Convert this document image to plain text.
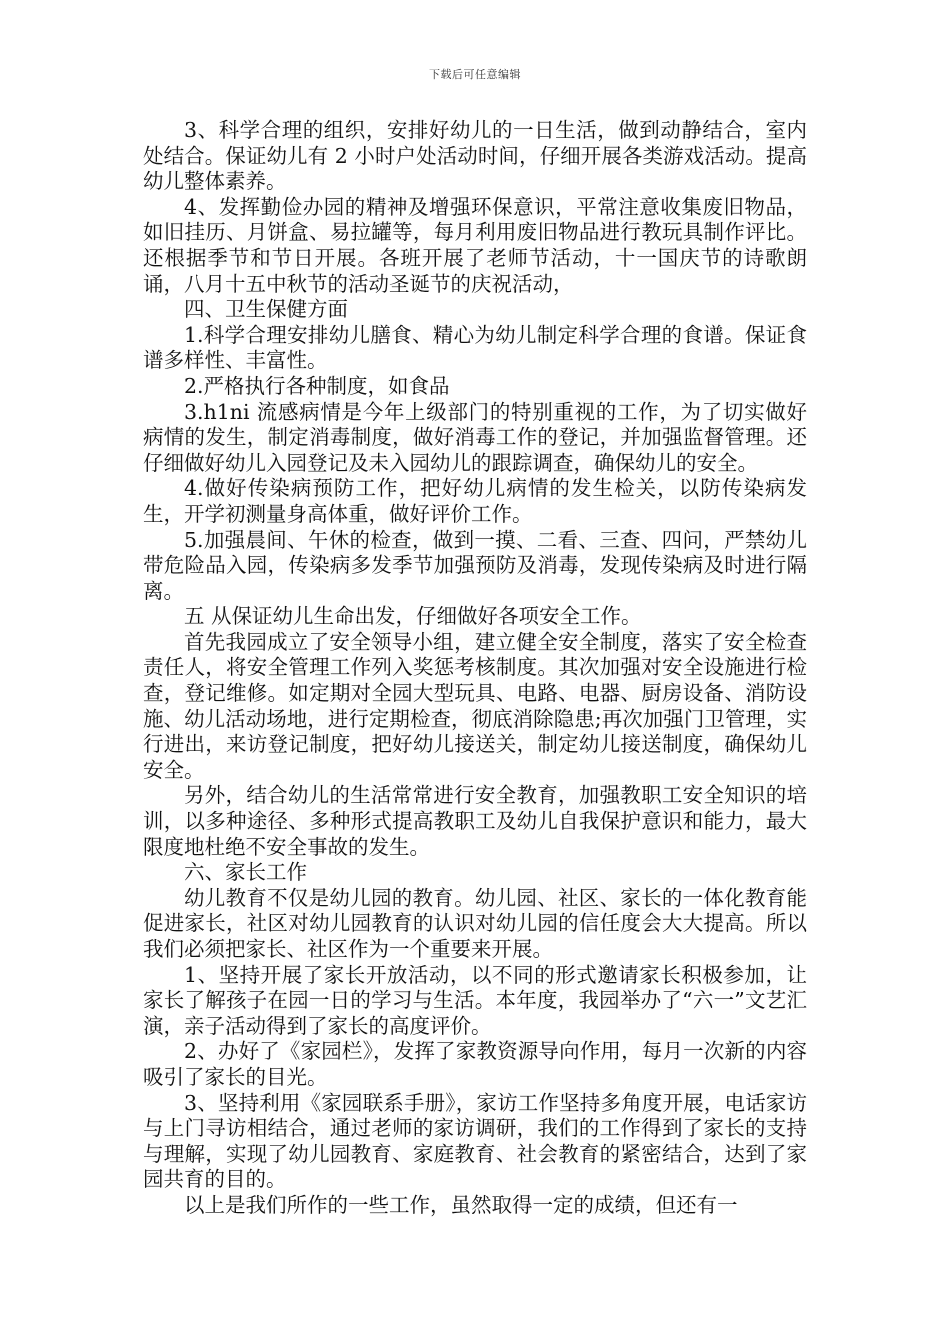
下载后可任意编辑

3、科学合理的组织，安排好幼儿的一日生活，做到动静结合，室内处结合。保证幼儿有 2 小时户处活动时间，仔细开展各类游戏活动。提高幼儿整体素养。

4、发挥勤俭办园的精神及增强环保意识，平常注意收集废旧物品，如旧挂历、月饼盒、易拉罐等，每月利用废旧物品进行教玩具制作评比。还根据季节和节日开展。各班开展了老师节活动，十一国庆节的诗歌朗诵，八月十五中秋节的活动圣诞节的庆祝活动，

四、卫生保健方面

1.科学合理安排幼儿膳食、精心为幼儿制定科学合理的食谱。保证食谱多样性、丰富性。

2.严格执行各种制度，如食品

3.h1ni 流感病情是今年上级部门的特别重视的工作，为了切实做好病情的发生，制定消毒制度，做好消毒工作的登记，并加强监督管理。还仔细做好幼儿入园登记及未入园幼儿的跟踪调查，确保幼儿的安全。

4.做好传染病预防工作，把好幼儿病情的发生检关，以防传染病发生，开学初测量身高体重，做好评价工作。

5.加强晨间、午休的检查，做到一摸、二看、三查、四问，严禁幼儿带危险品入园，传染病多发季节加强预防及消毒，发现传染病及时进行隔离。

五 从保证幼儿生命出发，仔细做好各项安全工作。

首先我园成立了安全领导小组，建立健全安全制度，落实了安全检查责任人，将安全管理工作列入奖惩考核制度。其次加强对安全设施进行检查，登记维修。如定期对全园大型玩具、电路、电器、厨房设备、消防设施、幼儿活动场地，进行定期检查，彻底消除隐患;再次加强门卫管理，实行进出，来访登记制度，把好幼儿接送关，制定幼儿接送制度，确保幼儿安全。

另外，结合幼儿的生活常常进行安全教育，加强教职工安全知识的培训，以多种途径、多种形式提高教职工及幼儿自我保护意识和能力，最大限度地杜绝不安全事故的发生。

六、家长工作

幼儿教育不仅是幼儿园的教育。幼儿园、社区、家长的一体化教育能促进家长，社区对幼儿园教育的认识对幼儿园的信任度会大大提高。所以我们必须把家长、社区作为一个重要来开展。

1、坚持开展了家长开放活动，以不同的形式邀请家长积极参加，让家长了解孩子在园一日的学习与生活。本年度，我园举办了“六一”文艺汇演，亲子活动得到了家长的高度评价。

2、办好了《家园栏》，发挥了家教资源导向作用，每月一次新的内容吸引了家长的目光。

3、坚持利用《家园联系手册》，家访工作坚持多角度开展，电话家访与上门寻访相结合，通过老师的家访调研，我们的工作得到了家长的支持与理解，实现了幼儿园教育、家庭教育、社会教育的紧密结合，达到了家园共育的目的。

以上是我们所作的一些工作，虽然取得一定的成绩，但还有一
